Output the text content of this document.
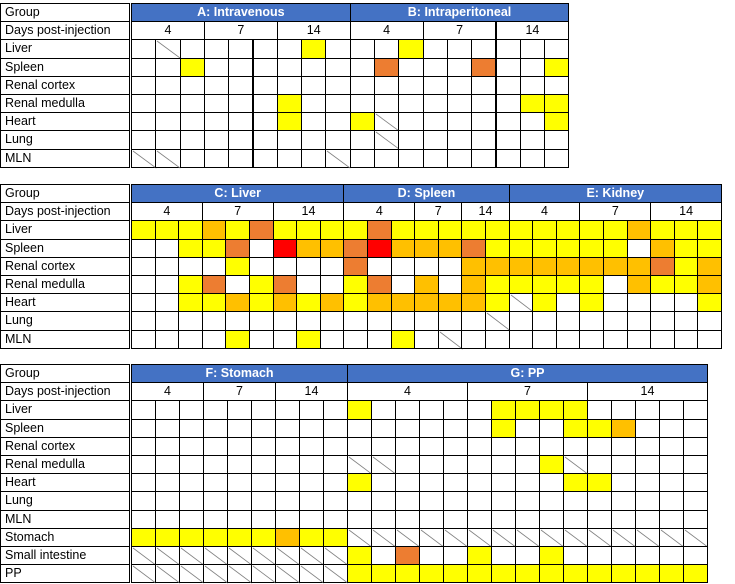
Group	A: Intravenous	B: Intraperitoneal
Days post-injection	4	7	14	4	7	14
Liver
Spleen
Renal cortex
Renal medulla
Heart
Lung
MLN
Group	C: Liver	D: Spleen	E: Kidney
Days post-injection	4	7	14	4	7	14	4	7	14
Liver
Spleen
Renal cortex
Renal medulla
Heart
Lung
MLN
Group	F: Stomach	G: PP
Days post-injection	4	7	14	4	7	14
Liver
Spleen
Renal cortex
Renal medulla
Heart
Lung
MLN
Stomach
Small intestine
PP
